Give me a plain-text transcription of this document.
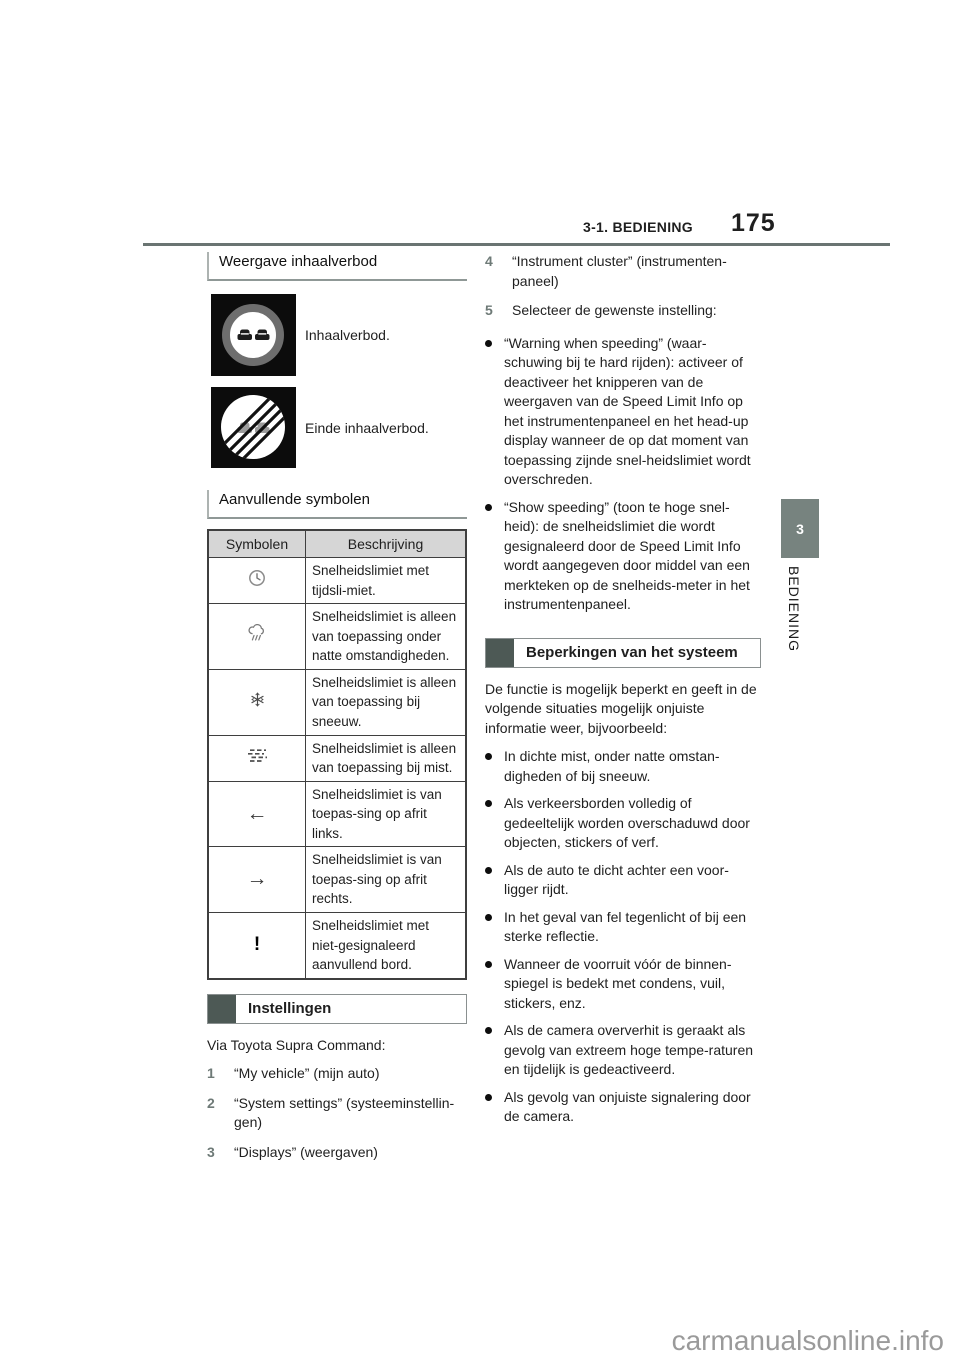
3-1. BEDIENING 175
3
BEDIENING
Weergave inhaalverbod
Inhaalverbod.
Einde inhaalverbod.
Aanvullende symbolen
Symbolen	Beschrijving
	Snelheidslimiet met tijdsli-miet.
	Snelheidslimiet is alleen van toepassing onder natte omstandigheden.
	Snelheidslimiet is alleen van toepassing bij sneeuw.
	Snelheidslimiet is alleen van toepassing bij mist.
←	Snelheidslimiet is van toepas-sing op afrit links.
→	Snelheidslimiet is van toepas-sing op afrit rechts.
!	Snelheidslimiet met niet-gesignaleerd aanvullend bord.
Instellingen
Via Toyota Supra Command:
1	“My vehicle” (mijn auto)
2	“System settings” (systeeminstellin-gen)
3	“Displays” (weergaven)
4	“Instrument cluster” (instrumenten-paneel)
5	Selecteer de gewenste instelling:
“Warning when speeding” (waar-schuwing bij te hard rijden): activeer of deactiveer het knipperen van de weergaven van de Speed Limit Info op het instrumentenpaneel en het head-up display wanneer de op dat moment van toepassing zijnde snel-heidslimiet wordt overschreden.
“Show speeding” (toon te hoge snel-heid): de snelheidslimiet die wordt gesignaleerd door de Speed Limit Info wordt aangegeven door middel van een merkteken op de snelheids-meter in het instrumentenpaneel.
Beperkingen van het systeem
De functie is mogelijk beperkt en geeft in de volgende situaties mogelijk onjuiste informatie weer, bijvoorbeeld:
In dichte mist, onder natte omstan-digheden of bij sneeuw.
Als verkeersborden volledig of gedeeltelijk worden overschaduwd door objecten, stickers of verf.
Als de auto te dicht achter een voor-ligger rijdt.
In het geval van fel tegenlicht of bij een sterke reflectie.
Wanneer de voorruit vóór de binnen-spiegel is bedekt met condens, vuil, stickers, enz.
Als de camera oververhit is geraakt als gevolg van extreem hoge tempe-raturen en tijdelijk is gedeactiveerd.
Als gevolg van onjuiste signalering door de camera.
carmanualsonline.info
